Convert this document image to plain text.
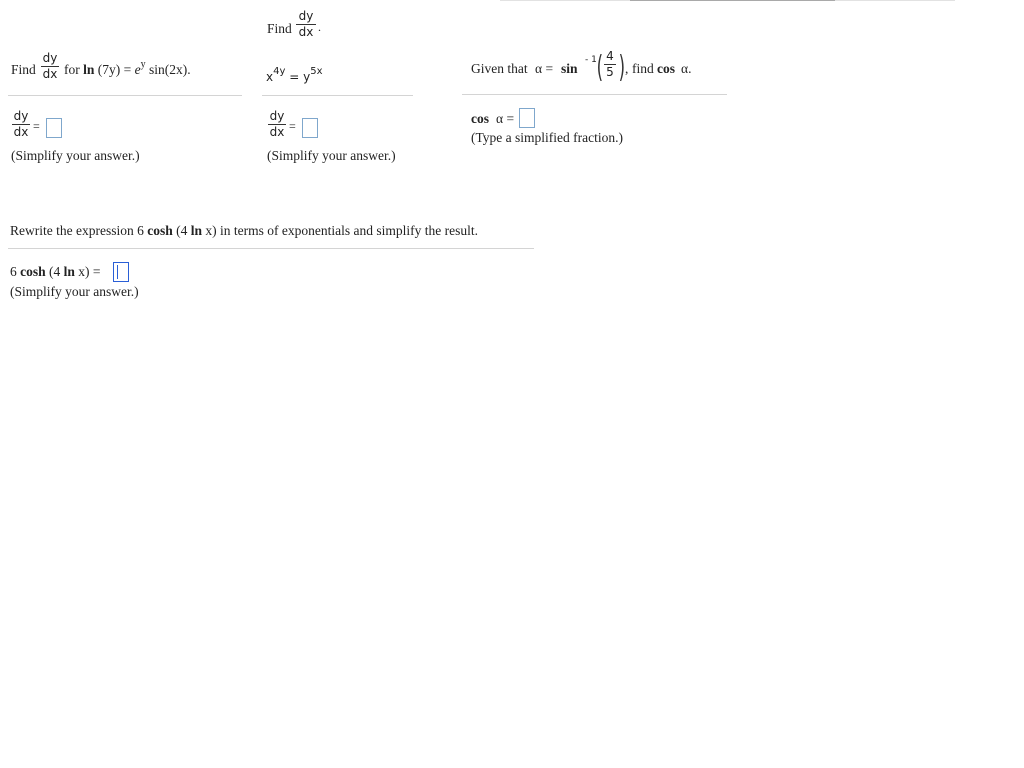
Find
dy
dx for $\ln (7y) = e^y$ sin(2x).
dy
dx =
(Simplify your answer.)
Find
dy
dx .
$x^{4y} = y^{5x}$
dy
dx =
(Simplify your answer.)
Given that α = sin
- 1 ( 4
5 ) , find cos α.
cos α =
(Type a simplified fraction.)
Rewrite the expression 6 cosh (4 ln x) in terms of exponentials and simplify the result.
6 cosh (4 ln x) =
(Simplify your answer.)
